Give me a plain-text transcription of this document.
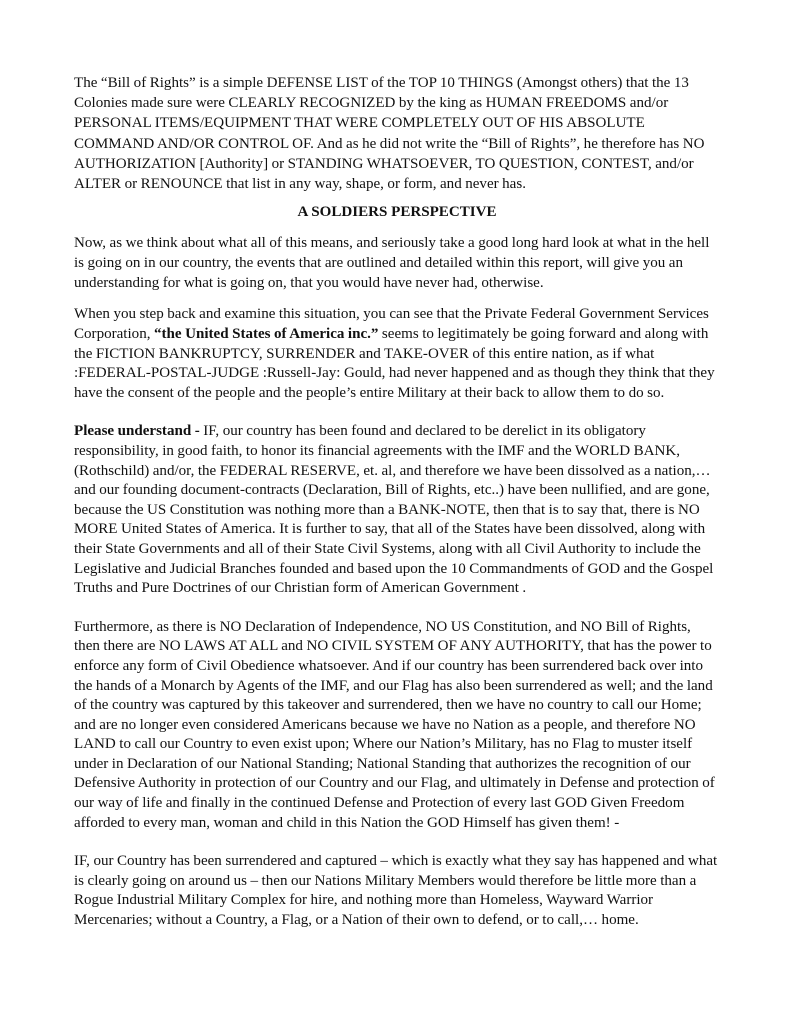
The “Bill of Rights” is a simple DEFENSE LIST of the TOP 10 THINGS (Amongst others) that the 13 Colonies made sure were CLEARLY RECOGNIZED by the king as HUMAN FREEDOMS and/or PERSONAL ITEMS/EQUIPMENT THAT WERE COMPLETELY OUT OF HIS ABSOLUTE COMMAND AND/OR CONTROL OF. And as he did not write the “Bill of Rights”, he therefore has NO AUTHORIZATION [Authority] or STANDING WHATSOEVER, TO QUESTION, CONTEST, and/or ALTER or RENOUNCE that list in any way, shape, or form, and never has.

A SOLDIERS PERSPECTIVE

Now, as we think about what all of this means, and seriously take a good long hard look at what in the hell is going on in our country, the events that are outlined and detailed within this report, will give you an understanding for what is going on, that you would have never had, otherwise.

When you step back and examine this situation, you can see that the Private Federal Government Services Corporation, “the United States of America inc.” seems to legitimately be going forward and along with the FICTION BANKRUPTCY, SURRENDER and TAKE-OVER of this entire nation, as if what :FEDERAL-POSTAL-JUDGE :Russell-Jay: Gould, had never happened and as though they think that they have the consent of the people and the people’s entire Military at their back to allow them to do so.

Please understand - IF, our country has been found and declared to be derelict in its obligatory responsibility, in good faith, to honor its financial agreements with the IMF and the WORLD BANK, (Rothschild) and/or, the FEDERAL RESERVE, et. al, and therefore we have been dissolved as a nation,… and our founding document-contracts (Declaration, Bill of Rights, etc..) have been nullified, and are gone, because the US Constitution was nothing more than a BANK-NOTE, then that is to say that, there is NO MORE United States of America. It is further to say, that all of the States have been dissolved, along with their State Governments and all of their State Civil Systems, along with all Civil Authority to include the Legislative and Judicial Branches founded and based upon the 10 Commandments of GOD and the Gospel Truths and Pure Doctrines of our Christian form of American Government .

Furthermore, as there is NO Declaration of Independence, NO US Constitution, and NO Bill of Rights, then there are NO LAWS AT ALL and NO CIVIL SYSTEM OF ANY AUTHORITY, that has the power to enforce any form of Civil Obedience whatsoever. And if our country has been surrendered back over into the hands of a Monarch by Agents of the IMF, and our Flag has also been surrendered as well; and the land of the country was captured by this takeover and surrendered, then we have no country to call our Home; and are no longer even considered Americans because we have no Nation as a people, and therefore NO LAND to call our Country to even exist upon; Where our Nation’s Military, has no Flag to muster itself under in Declaration of our National Standing; National Standing that authorizes the recognition of our Defensive Authority in protection of our Country and our Flag, and ultimately in Defense and protection of our way of life and finally in the continued Defense and Protection of every last GOD Given Freedom afforded to every man, woman and child in this Nation the GOD Himself has given them! -

IF, our Country has been surrendered and captured – which is exactly what they say has happened and what is clearly going on around us – then our Nations Military Members would therefore be little more than a Rogue Industrial Military Complex for hire, and nothing more than Homeless, Wayward Warrior Mercenaries; without a Country, a Flag, or a Nation of their own to defend, or to call,… home.
